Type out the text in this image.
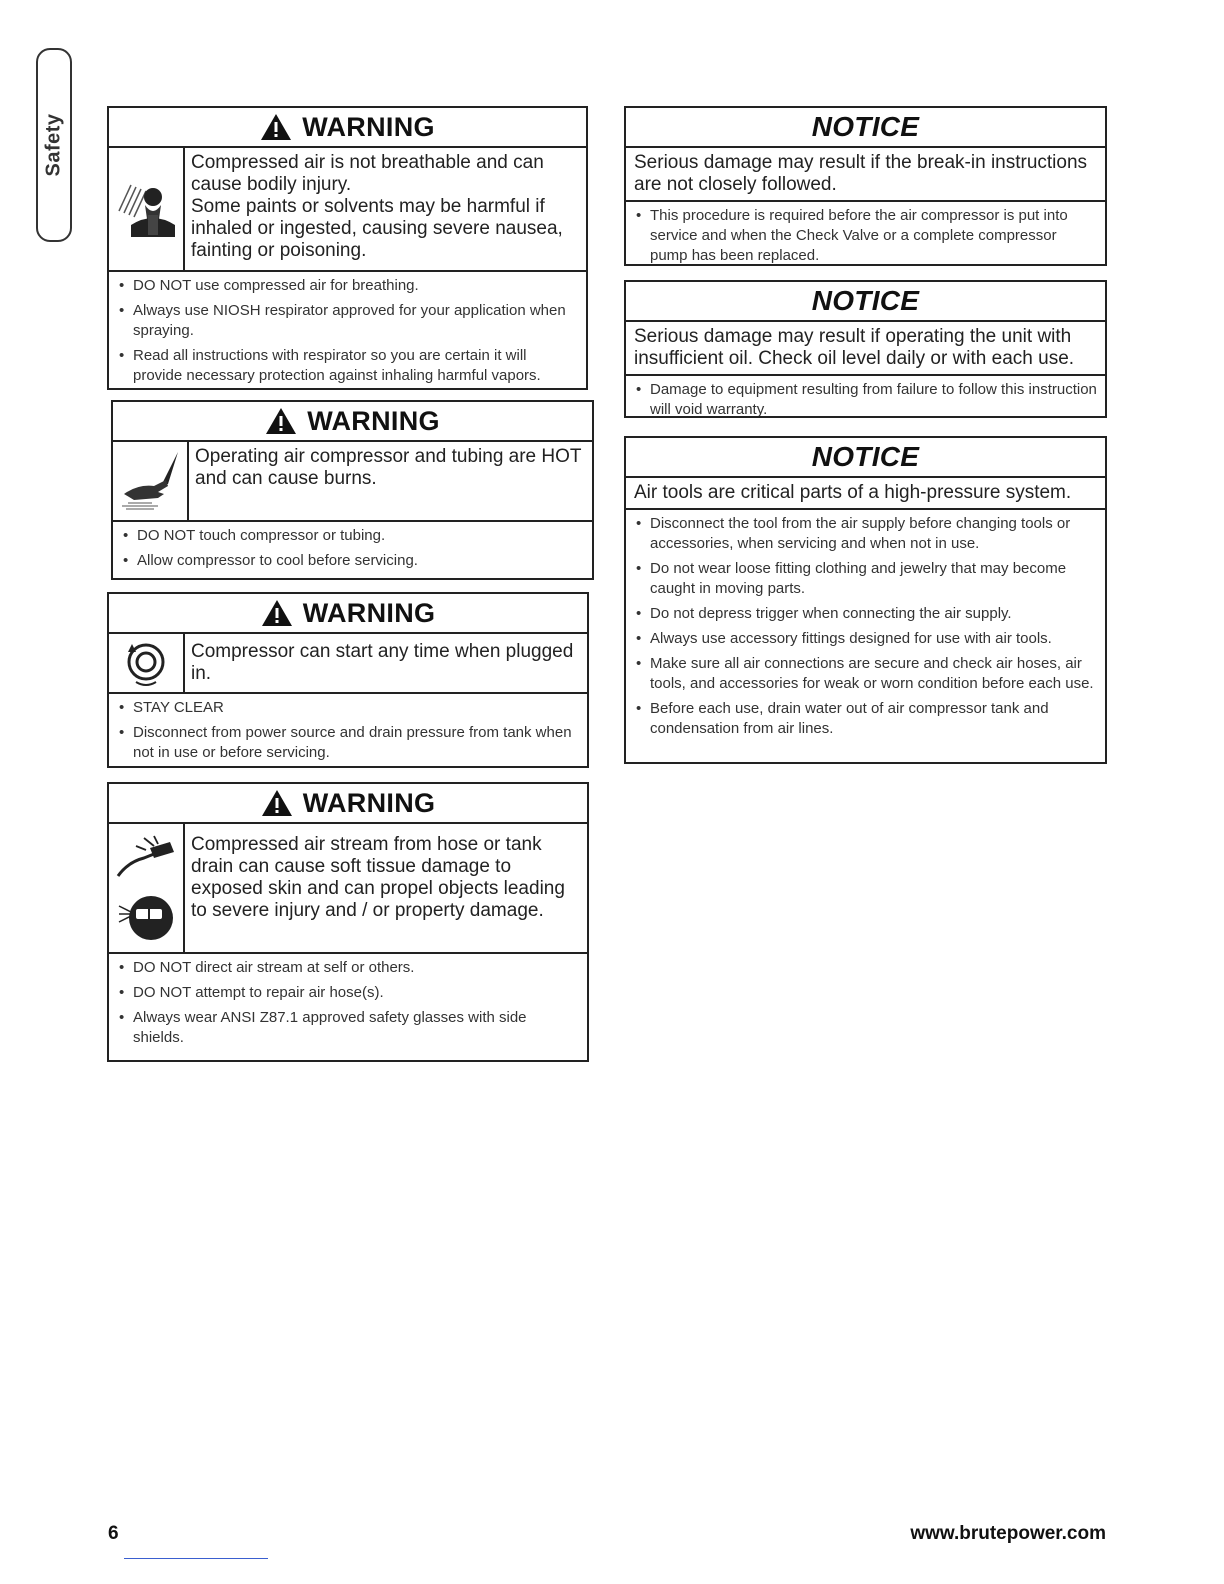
Safety	WARNING

Compressed air is not breathable and can cause bodily injury.

Some paints or solvents may be harmful if inhaled or ingested, causing severe nausea, fainting or poisoning.

• DO NOT use compressed air for breathing.
• Always use NIOSH respirator approved for your application when spraying.
• Read all instructions with respirator so you are certain it will provide necessary protection against inhaling harmful vapors.
WARNING

Operating air compressor and tubing are HOT and can cause burns.

• DO NOT touch compressor or tubing.
• Allow compressor to cool before servicing.
WARNING

Compressor can start any time when plugged in.

• STAY CLEAR
• Disconnect from power source and drain pressure from tank when not in use or before servicing.
WARNING

Compressed air stream from hose or tank drain can cause soft tissue damage to exposed skin and can propel objects leading to severe injury and / or property damage.

• DO NOT direct air stream at self or others.
• DO NOT attempt to repair air hose(s).
• Always wear ANSI Z87.1 approved safety glasses with side shields.
NOTICE

Serious damage may result if the break-in instructions are not closely followed.

• This procedure is required before the air compressor is put into service and when the Check Valve or a complete compressor pump has been replaced.
NOTICE

Serious damage may result if operating the unit with insufficient oil. Check oil level daily or with each use.

• Damage to equipment resulting from failure to follow this instruction will void warranty.
NOTICE

Air tools are critical parts of a high-pressure system.

• Disconnect the tool from the air supply before changing tools or accessories, when servicing and when not in use.
• Do not wear loose fitting clothing and jewelry that may become caught in moving parts.
• Do not depress trigger when connecting the air supply.
• Always use accessory fittings designed for use with air tools.
• Make sure all air connections are secure and check air hoses, air tools, and accessories for weak or worn condition before each use.
• Before each use, drain water out of air compressor tank and condensation from air lines.
6	www.brutepower.com
